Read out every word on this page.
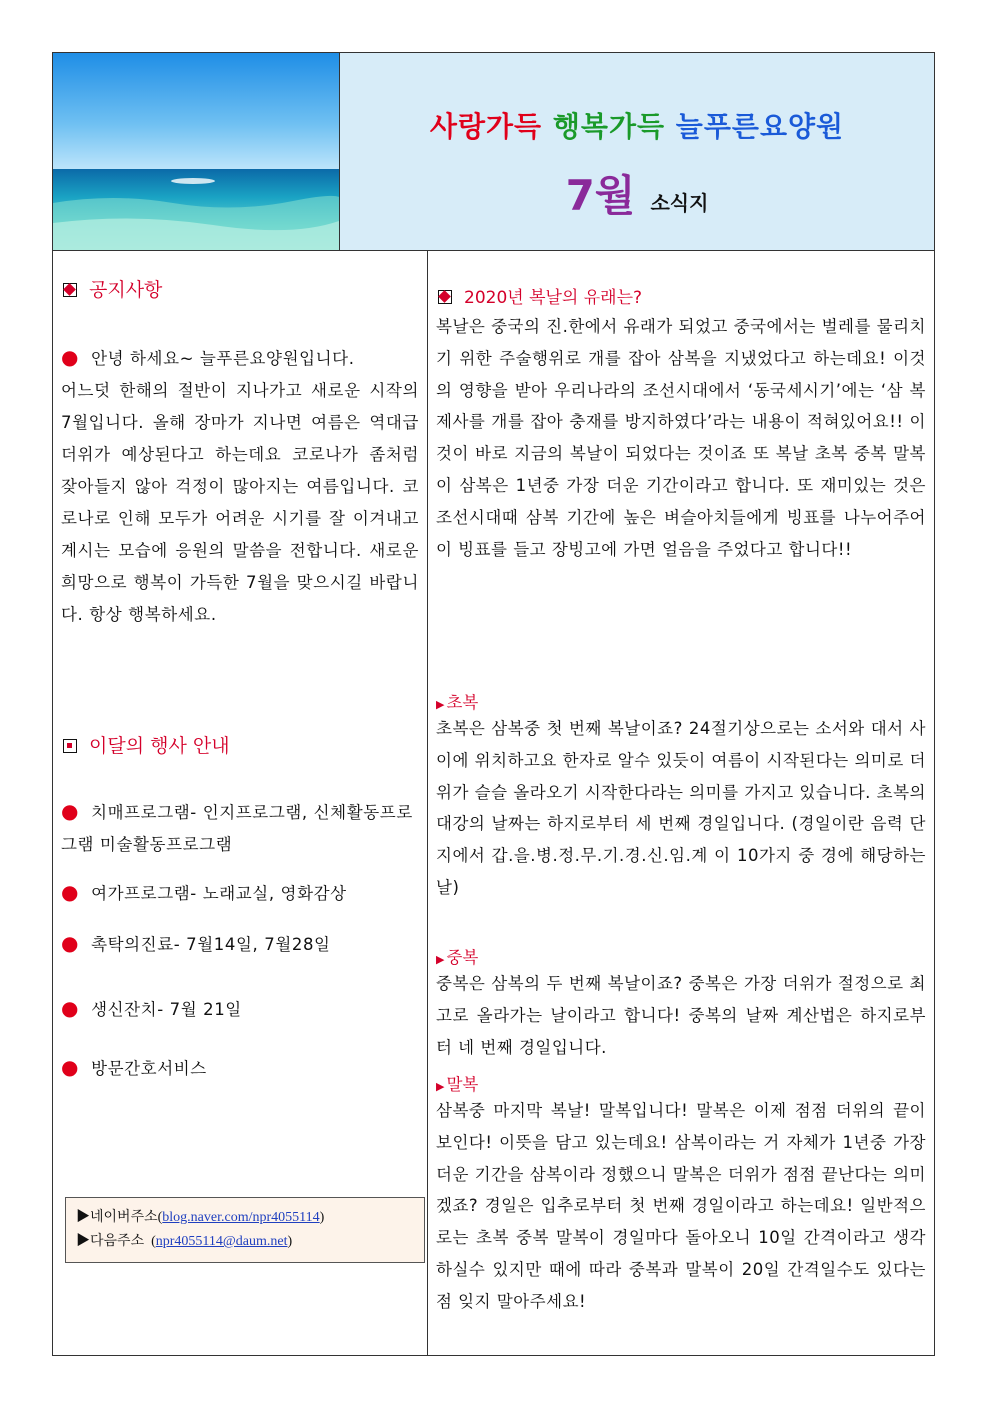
사랑가득 행복가득 늘푸른요양원
7월 소식지
공지사항
● 안녕 하세요~ 늘푸른요양원입니다.
어느덧 한해의 절반이 지나가고 새로운 시작의 7월입니다. 올해 장마가 지나면 여름은 역대급 더위가 예상된다고 하는데요 코로나가 좀처럼 잦아들지 않아 걱정이 많아지는 여름입니다. 코로나로 인해 모두가 어려운 시기를 잘 이겨내고 계시는 모습에 응원의 말씀을 전합니다. 새로운 희망으로 행복이 가득한 7월을 맞으시길 바랍니다. 항상 행복하세요.
이달의 행사 안내
● 치매프로그램- 인지프로그램, 신체활동프로그램 미술활동프로그램
● 여가프로그램- 노래교실, 영화감상
● 촉탁의진료- 7월14일, 7월28일
● 생신잔치- 7월 21일
● 방문간호서비스
▶네이버주소(blog.naver.com/npr4055114)
▶다음주소  (npr4055114@daum.net)
2020년 복날의 유래는?
복날은 중국의 진.한에서 유래가 되었고 중국에서는 벌레를 물리치기 위한 주술행위로 개를 잡아 삼복을 지냈었다고 하는데요! 이것의 영향을 받아 우리나라의 조선시대에서 ‘동국세시기’에는 ‘삼 복제사를 개를 잡아 충재를 방지하였다’라는 내용이 적혀있어요!! 이것이 바로 지금의 복날이 되었다는 것이죠 또 복날 초복 중복 말복 이 삼복은 1년중 가장 더운 기간이라고 합니다. 또 재미있는 것은 조선시대때 삼복 기간에 높은 벼슬아치들에게 빙표를 나누어주어 이 빙표를 들고 장빙고에 가면 얼음을 주었다고 합니다!!
▶ 초복
초복은 삼복중 첫 번째 복날이죠? 24절기상으로는 소서와 대서 사이에 위치하고요 한자로 알수 있듯이 여름이 시작된다는 의미로 더위가 슬슬 올라오기 시작한다라는 의미를 가지고 있습니다. 초복의 대강의 날짜는 하지로부터 세 번째 경일입니다. (경일이란 음력 단지에서 갑.을.병.정.무.기.경.신.임.계 이 10가지 중 경에 해당하는 날)
▶ 중복
중복은 삼복의 두 번째 복날이죠? 중복은 가장 더위가 절정으로 최고로 올라가는 날이라고 합니다! 중복의 날짜 계산법은 하지로부터 네 번째 경일입니다.
▶ 말복
삼복중 마지막 복날! 말복입니다! 말복은 이제 점점 더위의 끝이 보인다! 이뜻을 담고 있는데요! 삼복이라는 거 자체가 1년중 가장 더운 기간을 삼복이라 정했으니 말복은 더위가 점점 끝난다는 의미겠죠? 경일은 입추로부터 첫 번째 경일이라고 하는데요! 일반적으로는 초복 중복 말복이 경일마다 돌아오니 10일 간격이라고 생각하실수 있지만 때에 따라 중복과 말복이 20일 간격일수도 있다는 점 잊지 말아주세요!
